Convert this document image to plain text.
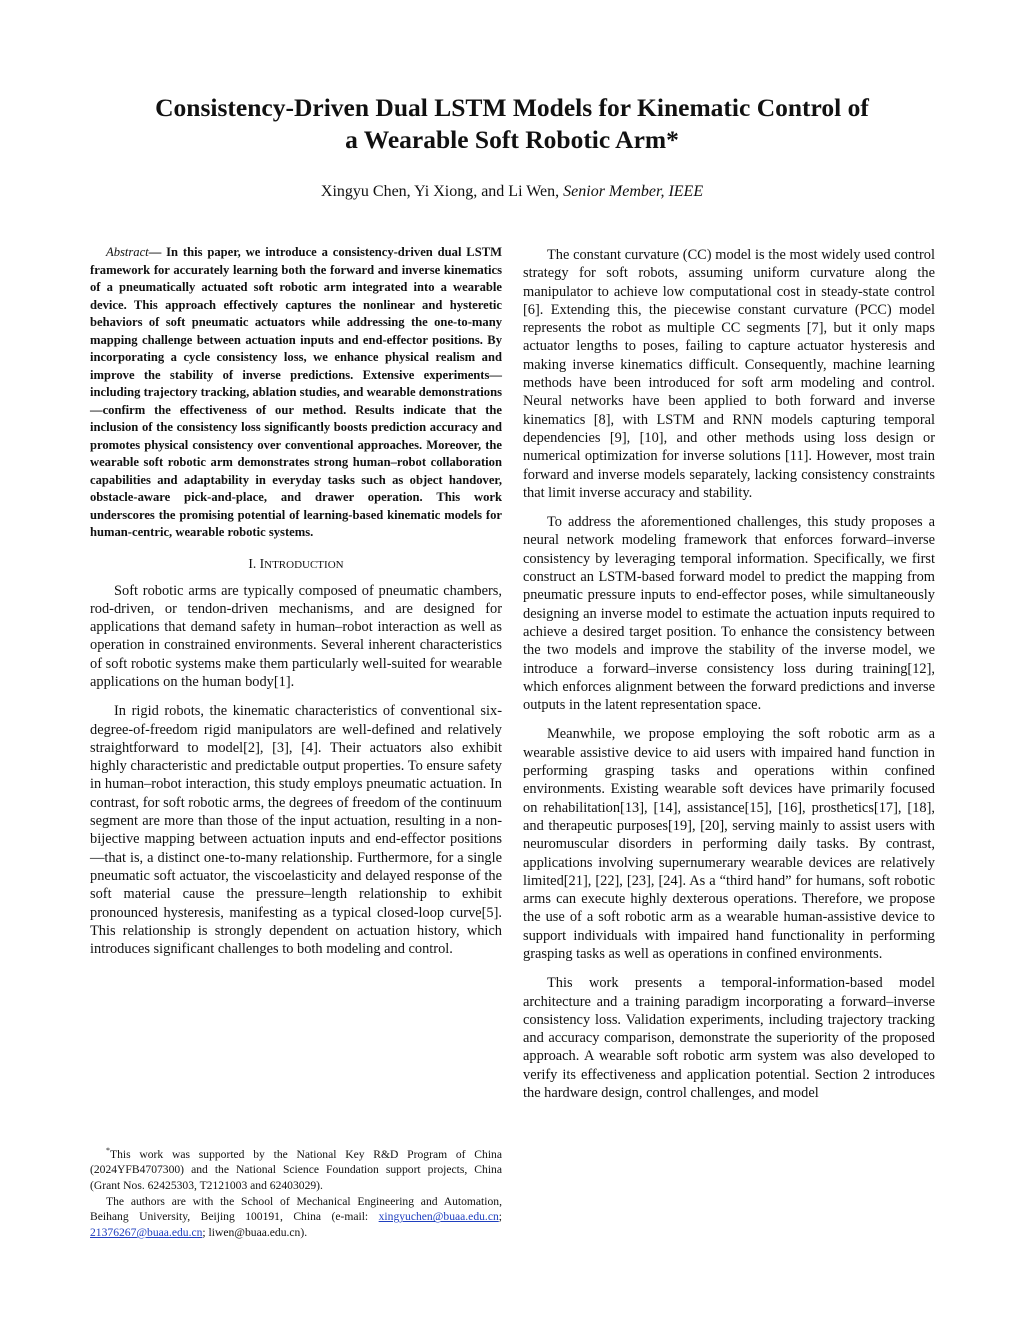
Consistency-Driven Dual LSTM Models for Kinematic Control of
a Wearable Soft Robotic Arm*

Xingyu Chen, Yi Xiong, and Li Wen, Senior Member, IEEE

Abstract— In this paper, we introduce a consistency-driven dual LSTM framework for accurately learning both the forward and inverse kinematics of a pneumatically actuated soft robotic arm integrated into a wearable device. This approach effectively captures the nonlinear and hysteretic behaviors of soft pneumatic actuators while addressing the one-to-many mapping challenge between actuation inputs and end-effector positions. By incorporating a cycle consistency loss, we enhance physical realism and improve the stability of inverse predictions. Extensive experiments—including trajectory tracking, ablation studies, and wearable demonstrations—confirm the effectiveness of our method. Results indicate that the inclusion of the consistency loss significantly boosts prediction accuracy and promotes physical consistency over conventional approaches. Moreover, the wearable soft robotic arm demonstrates strong human–robot collaboration capabilities and adaptability in everyday tasks such as object handover, obstacle-aware pick-and-place, and drawer operation. This work underscores the promising potential of learning-based kinematic models for human-centric, wearable robotic systems.

I. INTRODUCTION

Soft robotic arms are typically composed of pneumatic chambers, rod-driven, or tendon-driven mechanisms, and are designed for applications that demand safety in human–robot interaction as well as operation in constrained environments. Several inherent characteristics of soft robotic systems make them particularly well-suited for wearable applications on the human body[1].

In rigid robots, the kinematic characteristics of conventional six-degree-of-freedom rigid manipulators are well-defined and relatively straightforward to model[2], [3], [4]. Their actuators also exhibit highly characteristic and predictable output properties. To ensure safety in human–robot interaction, this study employs pneumatic actuation. In contrast, for soft robotic arms, the degrees of freedom of the continuum segment are more than those of the input actuation, resulting in a non-bijective mapping between actuation inputs and end-effector positions—that is, a distinct one-to-many relationship. Furthermore, for a single pneumatic soft actuator, the viscoelasticity and delayed response of the soft material cause the pressure–length relationship to exhibit pronounced hysteresis, manifesting as a typical closed-loop curve[5]. This relationship is strongly dependent on actuation history, which introduces significant challenges to both modeling and control.

*This work was supported by the National Key R&D Program of China (2024YFB4707300) and the National Science Foundation support projects, China (Grant Nos. 62425303, T2121003 and 62403029).

The authors are with the School of Mechanical Engineering and Automation, Beihang University, Beijing 100191, China (e-mail: xingyuchen@buaa.edu.cn; 21376267@buaa.edu.cn; liwen@buaa.edu.cn).

The constant curvature (CC) model is the most widely used control strategy for soft robots, assuming uniform curvature along the manipulator to achieve low computational cost in steady-state control [6]. Extending this, the piecewise constant curvature (PCC) model represents the robot as multiple CC segments [7], but it only maps actuator lengths to poses, failing to capture actuator hysteresis and making inverse kinematics difficult. Consequently, machine learning methods have been introduced for soft arm modeling and control. Neural networks have been applied to both forward and inverse kinematics [8], with LSTM and RNN models capturing temporal dependencies [9], [10], and other methods using loss design or numerical optimization for inverse solutions [11]. However, most train forward and inverse models separately, lacking consistency constraints that limit inverse accuracy and stability.

To address the aforementioned challenges, this study proposes a neural network modeling framework that enforces forward–inverse consistency by leveraging temporal information. Specifically, we first construct an LSTM-based forward model to predict the mapping from pneumatic pressure inputs to end-effector poses, while simultaneously designing an inverse model to estimate the actuation inputs required to achieve a desired target position. To enhance the consistency between the two models and improve the stability of the inverse model, we introduce a forward–inverse consistency loss during training[12], which enforces alignment between the forward predictions and inverse outputs in the latent representation space.

Meanwhile, we propose employing the soft robotic arm as a wearable assistive device to aid users with impaired hand function in performing grasping tasks and operations within confined environments. Existing wearable soft devices have primarily focused on rehabilitation[13], [14], assistance[15], [16], prosthetics[17], [18], and therapeutic purposes[19], [20], serving mainly to assist users with neuromuscular disorders in performing daily tasks. By contrast, applications involving supernumerary wearable devices are relatively limited[21], [22], [23], [24]. As a “third hand” for humans, soft robotic arms can execute highly dexterous operations. Therefore, we propose the use of a soft robotic arm as a wearable human-assistive device to support individuals with impaired hand functionality in performing grasping tasks as well as operations in confined environments.

This work presents a temporal-information-based model architecture and a training paradigm incorporating a forward–inverse consistency loss. Validation experiments, including trajectory tracking and accuracy comparison, demonstrate the superiority of the proposed approach. A wearable soft robotic arm system was also developed to verify its effectiveness and application potential. Section 2 introduces the hardware design, control challenges, and model
